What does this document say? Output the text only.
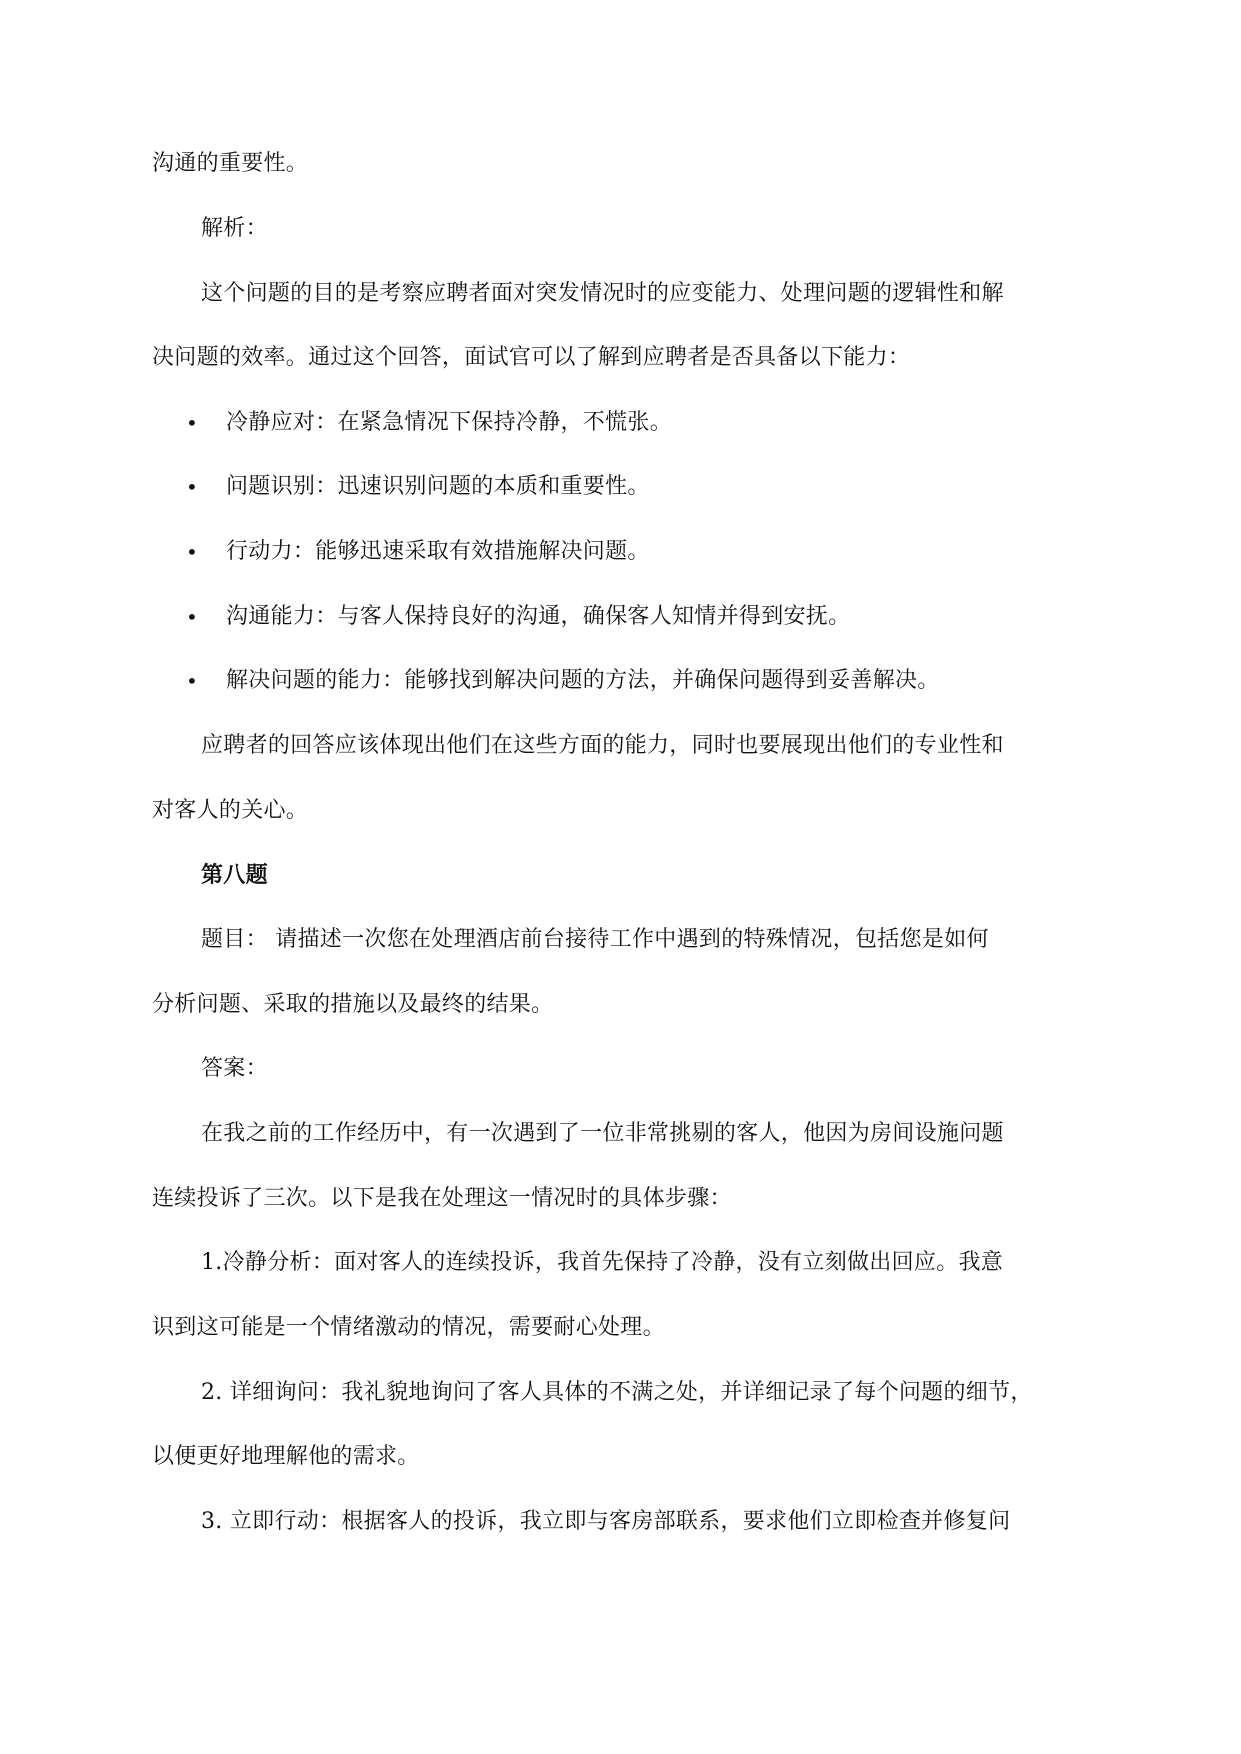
沟通的重要性。
解析：
这个问题的目的是考察应聘者面对突发情况时的应变能力、处理问题的逻辑性和解
决问题的效率。通过这个回答，面试官可以了解到应聘者是否具备以下能力：
• 冷静应对：在紧急情况下保持冷静，不慌张。
• 问题识别：迅速识别问题的本质和重要性。
• 行动力：能够迅速采取有效措施解决问题。
• 沟通能力：与客人保持良好的沟通，确保客人知情并得到安抚。
• 解决问题的能力：能够找到解决问题的方法，并确保问题得到妥善解决。
应聘者的回答应该体现出他们在这些方面的能力，同时也要展现出他们的专业性和
对客人的关心。
第八题
题目： 请描述一次您在处理酒店前台接待工作中遇到的特殊情况，包括您是如何
分析问题、采取的措施以及最终的结果。
答案：
在我之前的工作经历中，有一次遇到了一位非常挑剔的客人，他因为房间设施问题
连续投诉了三次。以下是我在处理这一情况时的具体步骤：
1.冷静分析：面对客人的连续投诉，我首先保持了冷静，没有立刻做出回应。我意
识到这可能是一个情绪激动的情况，需要耐心处理。
2. 详细询问：我礼貌地询问了客人具体的不满之处，并详细记录了每个问题的细节，
以便更好地理解他的需求。
3. 立即行动：根据客人的投诉，我立即与客房部联系，要求他们立即检查并修复问
